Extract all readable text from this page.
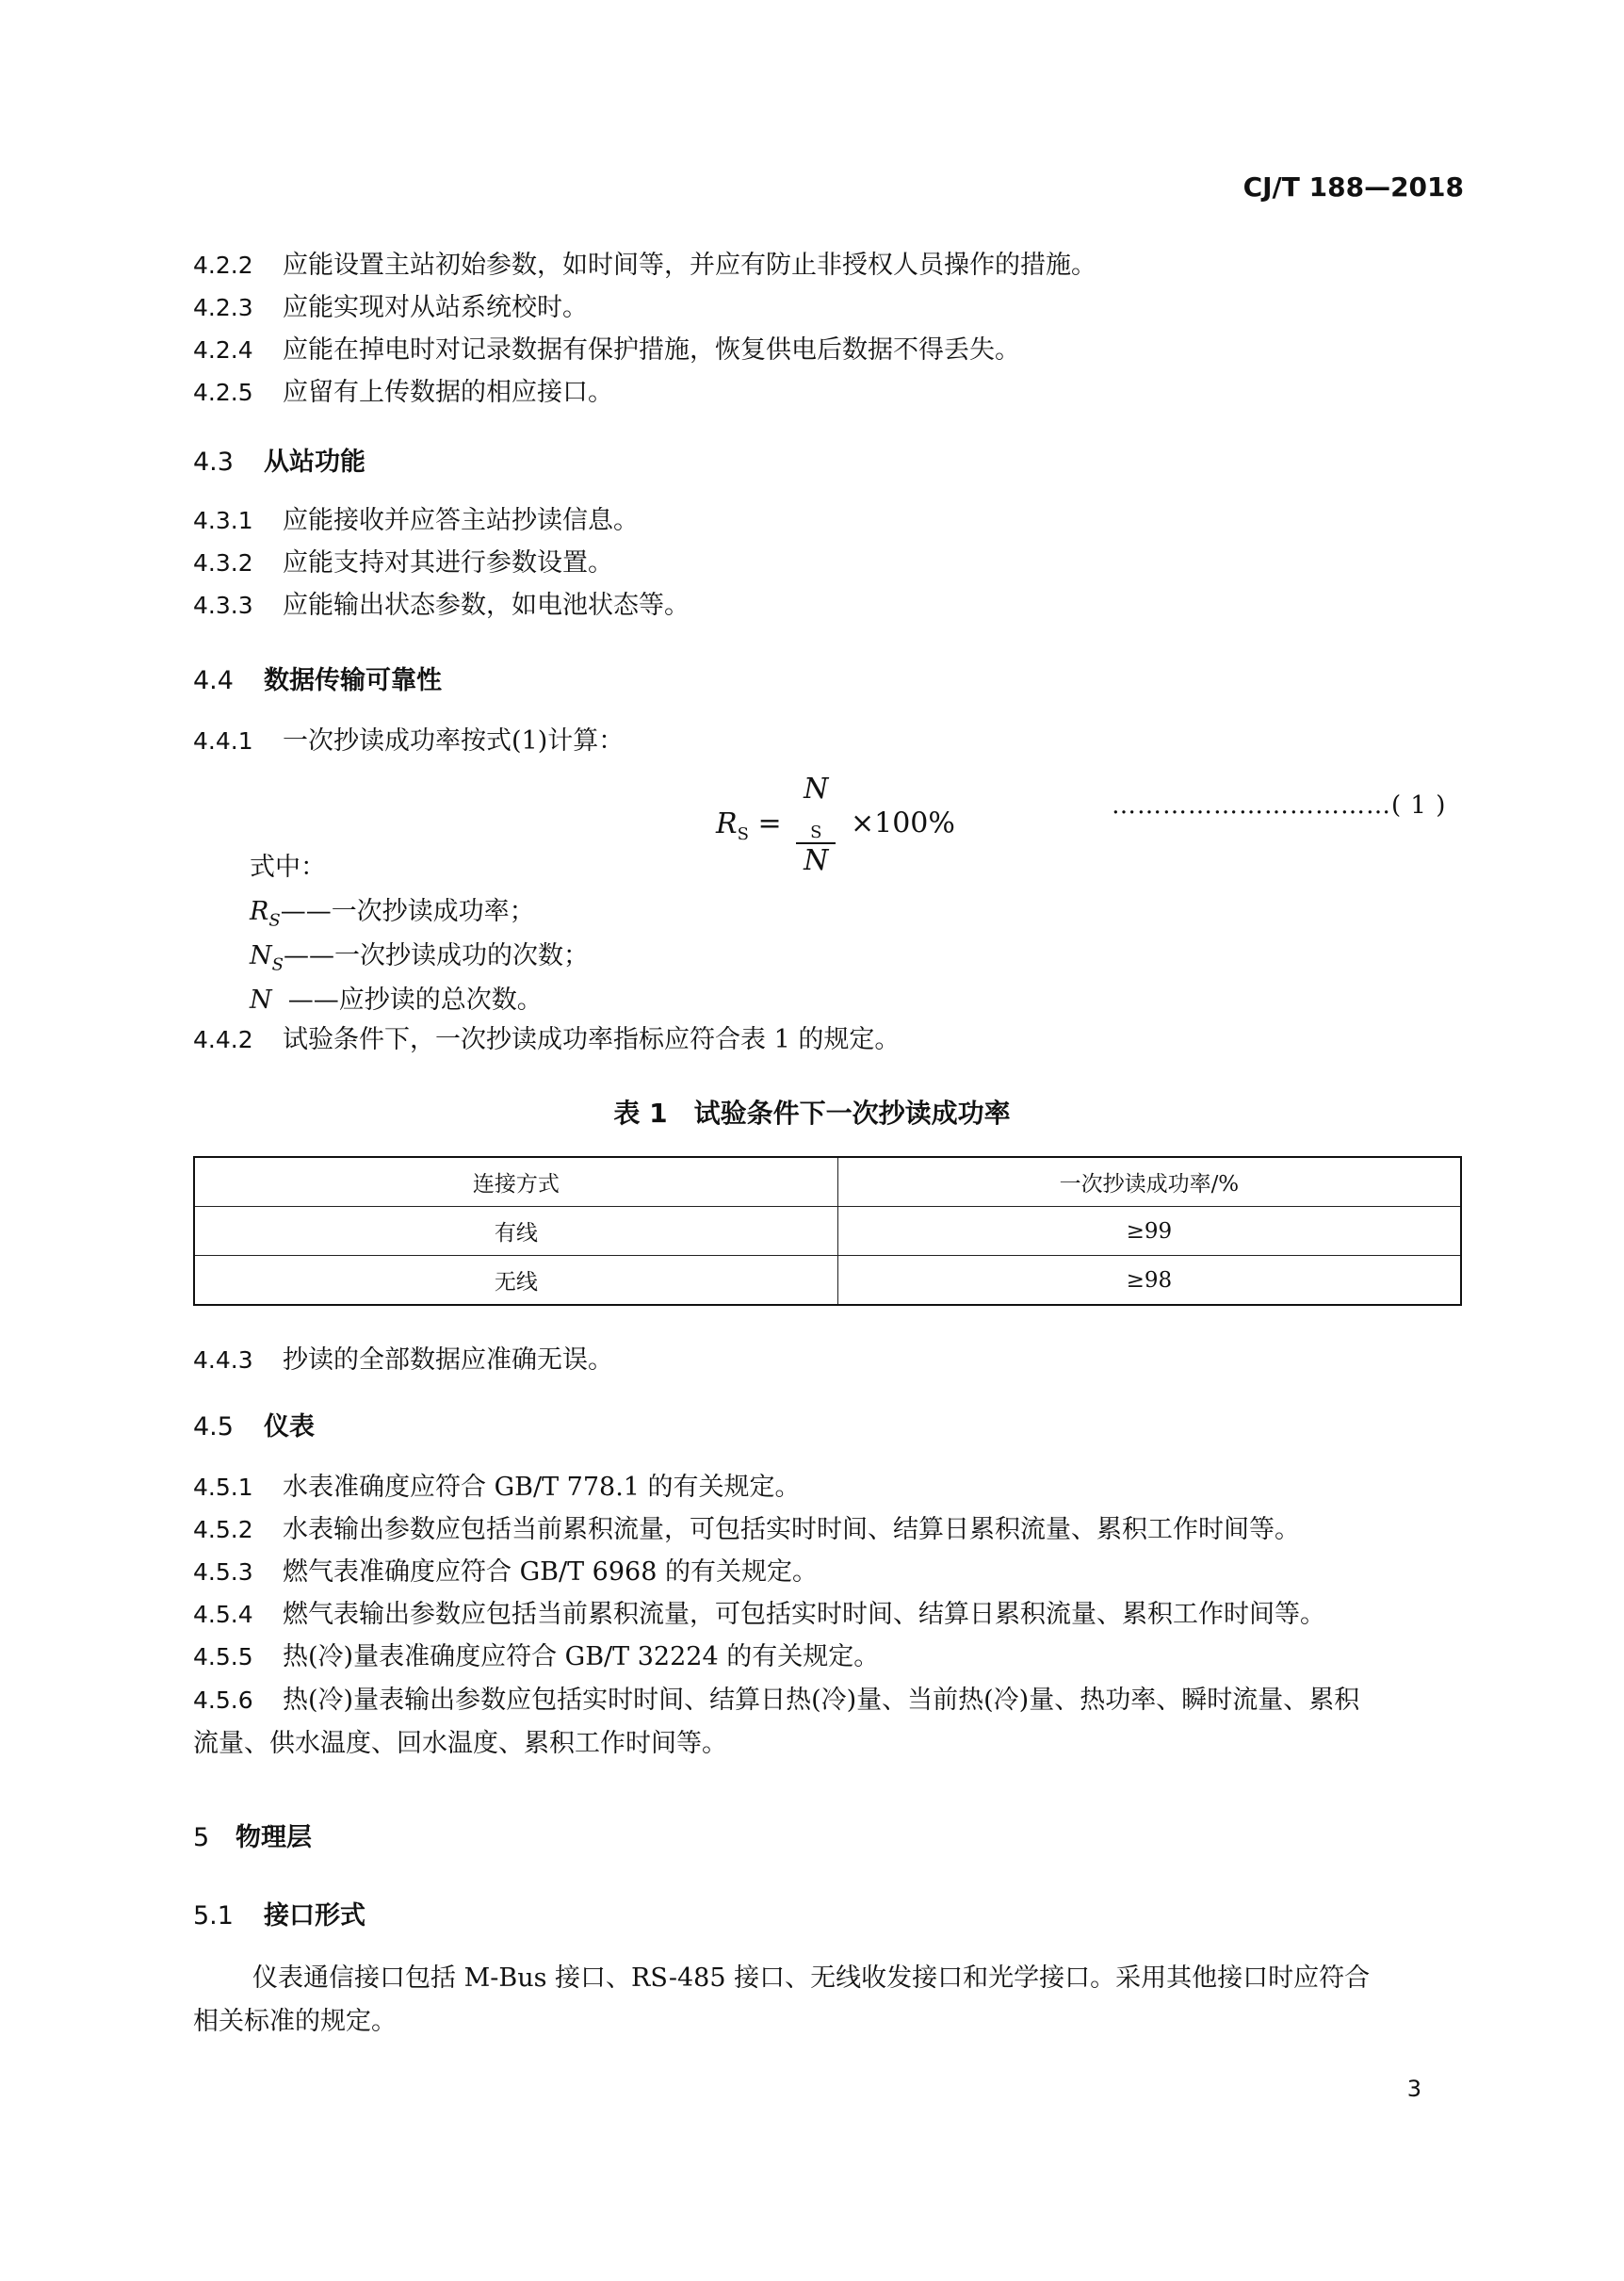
CJ/T 188—2018
4.2.2 应能设置主站初始参数，如时间等，并应有防止非授权人员操作的措施。
4.2.3 应能实现对从站系统校时。
4.2.4 应能在掉电时对记录数据有保护措施，恢复供电后数据不得丢失。
4.2.5 应留有上传数据的相应接口。
4.3 从站功能
4.3.1 应能接收并应答主站抄读信息。
4.3.2 应能支持对其进行参数设置。
4.3.3 应能输出状态参数，如电池状态等。
4.4 数据传输可靠性
4.4.1 一次抄读成功率按式(1)计算：
$R_S = N$
$_S$
N ×100%
……………………………( 1 )
式中：
$R_S——$一次抄读成功率；
$N_S——$一次抄读成功的次数；
N ——应抄读的总次数。
4.4.2 试验条件下，一次抄读成功率指标应符合表 1 的规定。
表 1　试验条件下一次抄读成功率
连接方式	一次抄读成功率/%
有线	≥99
无线	≥98
4.4.3 抄读的全部数据应准确无误。
4.5 仪表
4.5.1 水表准确度应符合 GB/T 778.1 的有关规定。
4.5.2 水表输出参数应包括当前累积流量，可包括实时时间、结算日累积流量、累积工作时间等。
4.5.3 燃气表准确度应符合 GB/T 6968 的有关规定。
4.5.4 燃气表输出参数应包括当前累积流量，可包括实时时间、结算日累积流量、累积工作时间等。
4.5.5 热(冷)量表准确度应符合 GB/T 32224 的有关规定。
4.5.6 热(冷)量表输出参数应包括实时时间、结算日热(冷)量、当前热(冷)量、热功率、瞬时流量、累积
流量、供水温度、回水温度、累积工作时间等。
5 物理层
5.1 接口形式
仪表通信接口包括 M-Bus 接口、RS-485 接口、无线收发接口和光学接口。采用其他接口时应符合
相关标准的规定。
3
